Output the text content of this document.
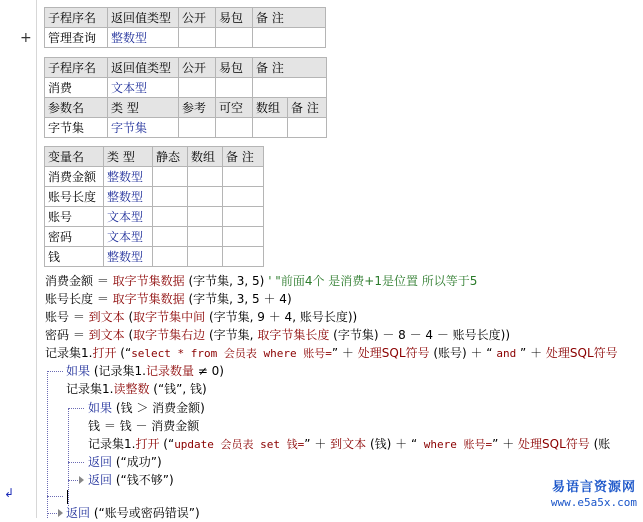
+
↲
子程序名	返回值类型	公开	易包	备 注
管理查询	整数型			
子程序名	返回值类型	公开	易包	备 注	
消费	文本型				
参数名	类 型	参考	可空	数组	备 注
字节集	字节集				
变量名	类 型	静态	数组	备 注
消费金额	整数型			
账号长度	整数型			
账号	文本型			
密码	文本型			
钱	整数型			
消费金额 ＝ 取字节集数据 (字节集, 3, 5) ' "前面4个 是消费+1是位置 所以等于5
账号长度 ＝ 取字节集数据 (字节集, 3, 5 ＋ 4)
账号 ＝ 到文本 (取字节集中间 (字节集, 9 ＋ 4, 账号长度))
密码 ＝ 到文本 (取字节集右边 (字节集, 取字节集长度 (字节集) － 8 － 4 － 账号长度))
记录集1.打开 (“select * from 会员表 where 账号=” ＋ 处理SQL符号 (账号) ＋ “ and ” ＋ 处理SQL符号
如果 (记录集1.记录数量 ≠ 0)
记录集1.读整数 (“钱”, 钱)
如果 (钱 ＞ 消费金额)
钱 ＝ 钱 － 消费金额
记录集1.打开 (“update 会员表 set 钱=” ＋ 到文本 (钱) ＋ “ where 账号=” ＋ 处理SQL符号 (账
返回 (“成功”)
返回 (“钱不够”)
返回 (“账号或密码错误”)
易语言资源网
www.e5a5x.com
